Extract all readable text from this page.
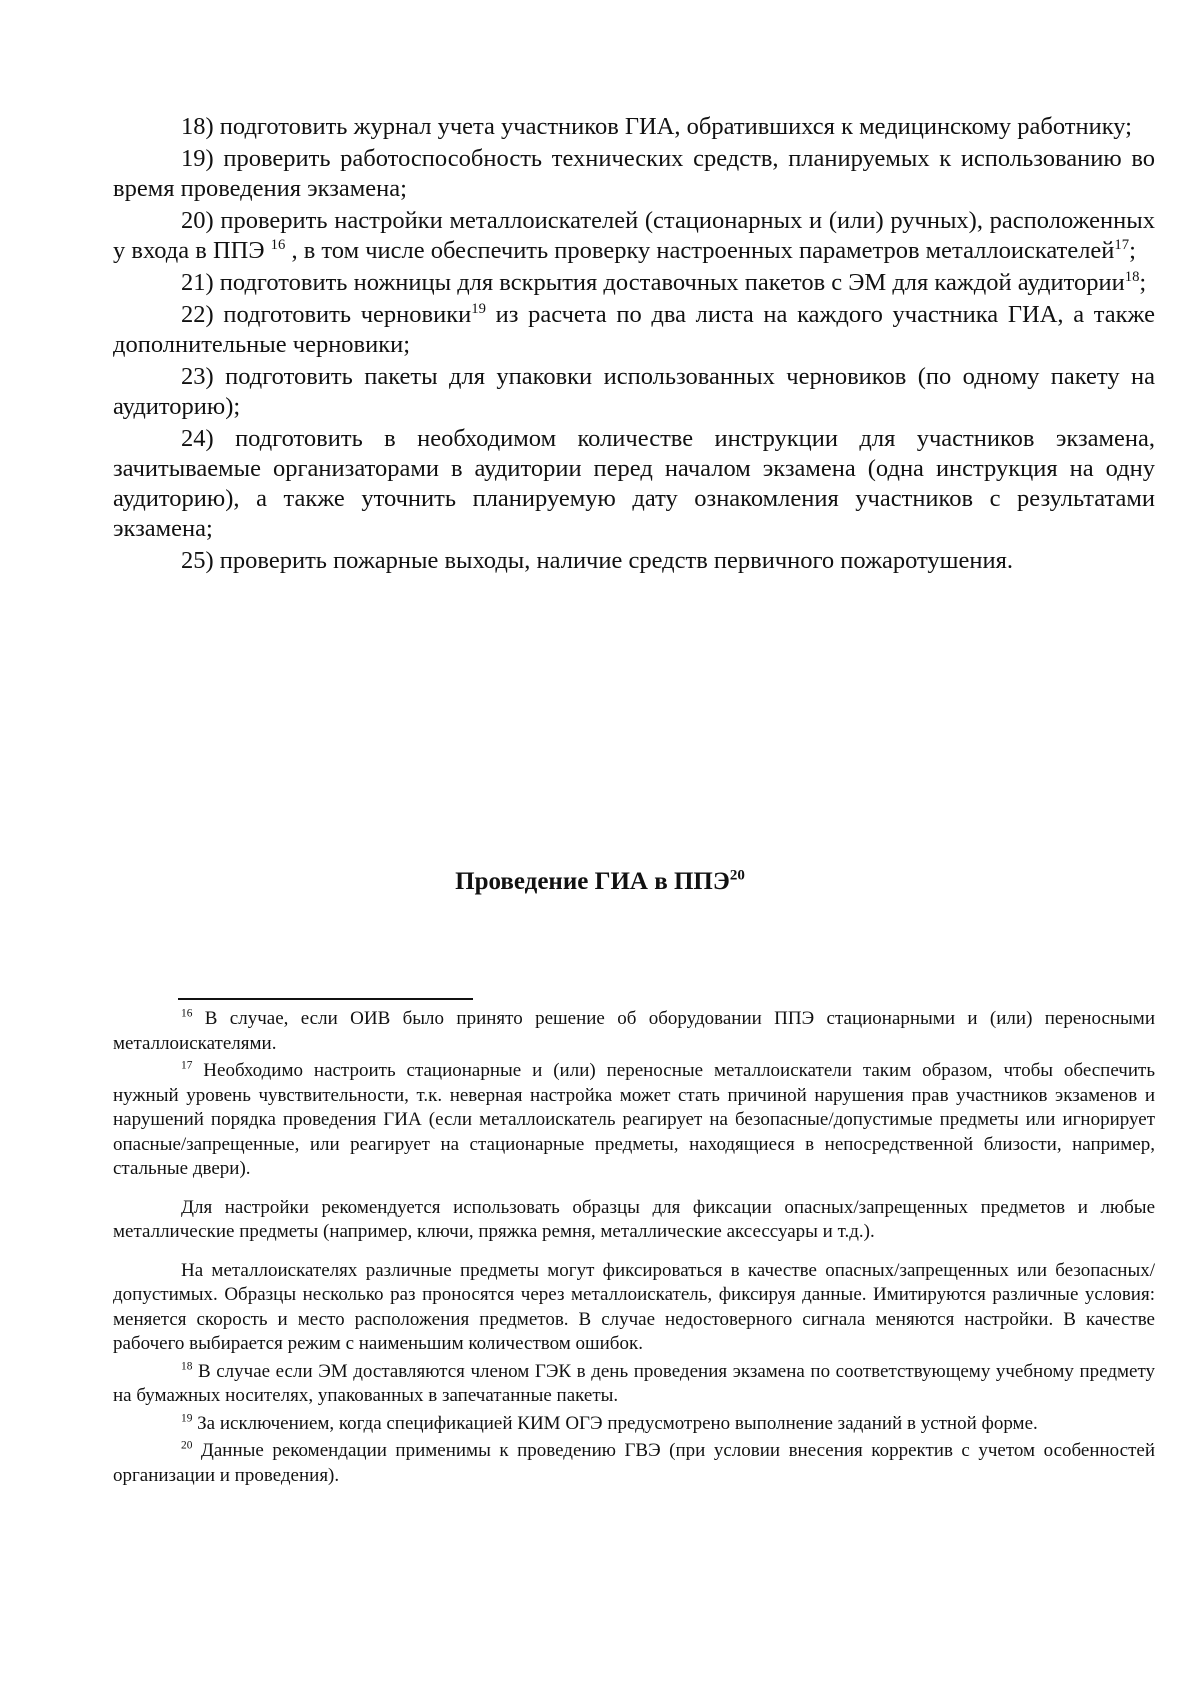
18) подготовить журнал учета участников ГИА, обратившихся к медицинскому работнику;

19) проверить работоспособность технических средств, планируемых к использованию во время проведения экзамена;

20) проверить настройки металлоискателей (стационарных и (или) ручных), расположенных у входа в ППЭ $^{16}$ , в том числе обеспечить проверку настроенных параметров металлоискателей$^{17}$;

21) подготовить ножницы для вскрытия доставочных пакетов с ЭМ для каждой аудитории$^{18}$;

22) подготовить черновики$^{19}$ из расчета по два листа на каждого участника ГИА, а также дополнительные черновики;

23) подготовить пакеты для упаковки использованных черновиков (по одному пакету на аудиторию);

24) подготовить в необходимом количестве инструкции для участников экзамена, зачитываемые организаторами в аудитории перед началом экзамена (одна инструкция на одну аудиторию), а также уточнить планируемую дату ознакомления участников с результатами экзамена;

25) проверить пожарные выходы, наличие средств первичного пожаротушения.

Проведение ГИА в ППЭ$^{20}$

$^{16}$ В случае, если ОИВ было принято решение об оборудовании ППЭ стационарными и (или) переносными металлоискателями.

$^{17}$ Необходимо настроить стационарные и (или) переносные металлоискатели таким образом, чтобы обеспечить нужный уровень чувствительности, т.к. неверная настройка может стать причиной нарушения прав участников экзаменов и нарушений порядка проведения ГИА (если металлоискатель реагирует на безопасные/допустимые предметы или игнорирует опасные/запрещенные, или реагирует на стационарные предметы, находящиеся в непосредственной близости, например, стальные двери).

Для настройки рекомендуется использовать образцы для фиксации опасных/запрещенных предметов и любые металлические предметы (например, ключи, пряжка ремня, металлические аксессуары и т.д.).

На металлоискателях различные предметы могут фиксироваться в качестве опасных/запрещенных или безопасных/допустимых. Образцы несколько раз проносятся через металлоискатель, фиксируя данные. Имитируются различные условия: меняется скорость и место расположения предметов. В случае недостоверного сигнала меняются настройки. В качестве рабочего выбирается режим с наименьшим количеством ошибок.

$^{18}$ В случае если ЭМ доставляются членом ГЭК в день проведения экзамена по соответствующему учебному предмету на бумажных носителях, упакованных в запечатанные пакеты.

$^{19}$ За исключением, когда спецификацией КИМ ОГЭ предусмотрено выполнение заданий в устной форме.

$^{20}$ Данные рекомендации применимы к проведению ГВЭ (при условии внесения корректив с учетом особенностей организации и проведения).
